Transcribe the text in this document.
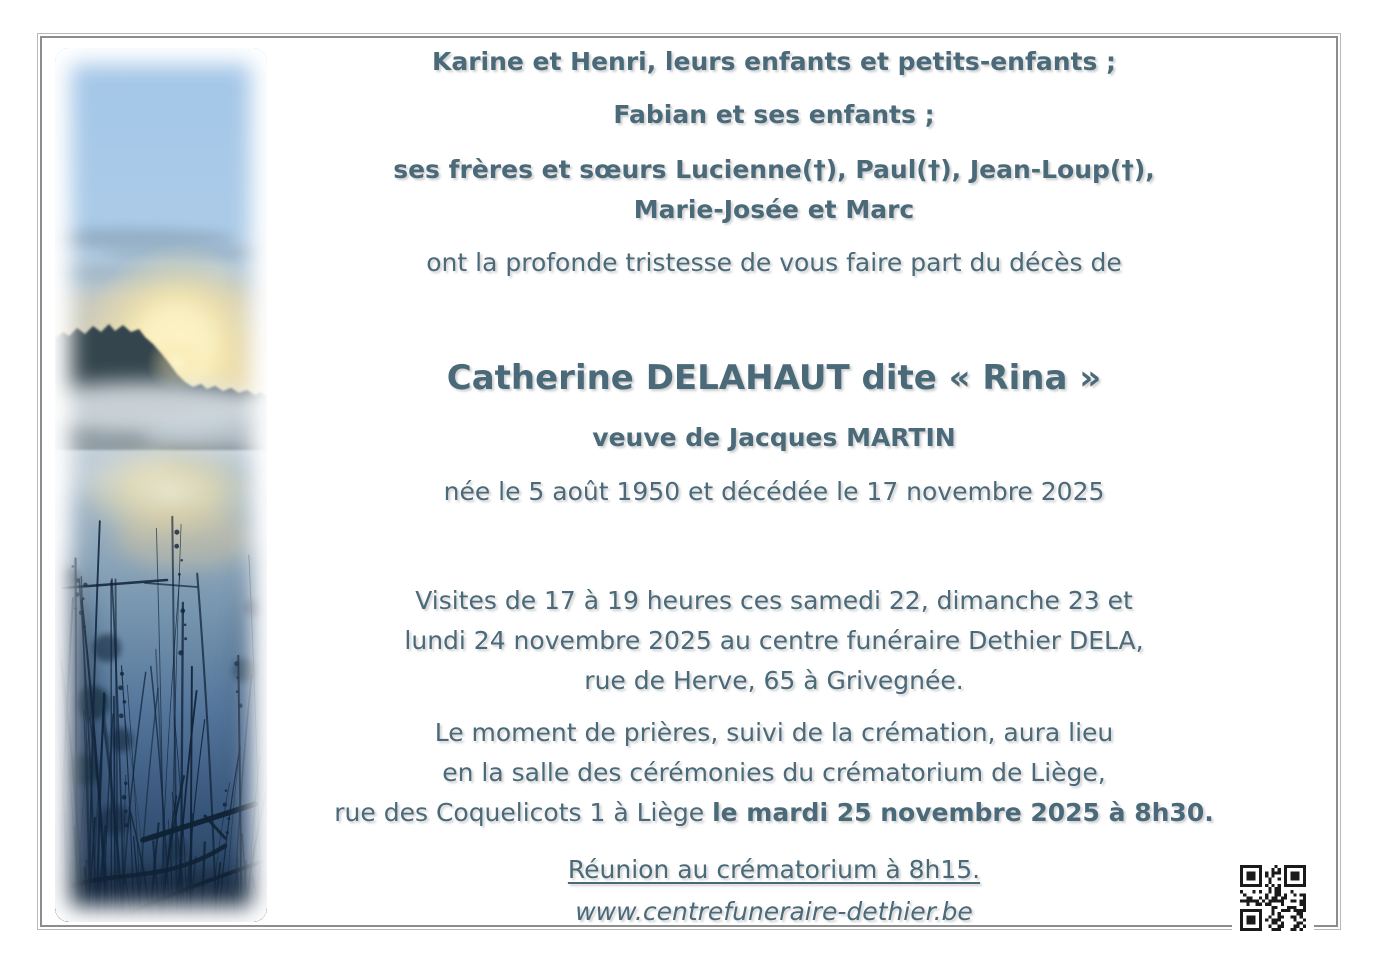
Karine et Henri, leurs enfants et petits-enfants ;
Fabian et ses enfants ;
ses frères et sœurs Lucienne(†), Paul(†), Jean-Loup(†),
Marie-Josée et Marc
ont la profonde tristesse de vous faire part du décès de
Catherine DELAHAUT dite « Rina »
veuve de Jacques MARTIN
née le 5 août 1950 et décédée le 17 novembre 2025
Visites de 17 à 19 heures ces samedi 22, dimanche 23 et
lundi 24 novembre 2025 au centre funéraire Dethier DELA,
rue de Herve, 65 à Grivegnée.
Le moment de prières, suivi de la crémation, aura lieu
en la salle des cérémonies du crématorium de Liège,
rue des Coquelicots 1 à Liège le mardi 25 novembre 2025 à 8h30.
Réunion au crématorium à 8h15.
www.centrefuneraire-dethier.be
